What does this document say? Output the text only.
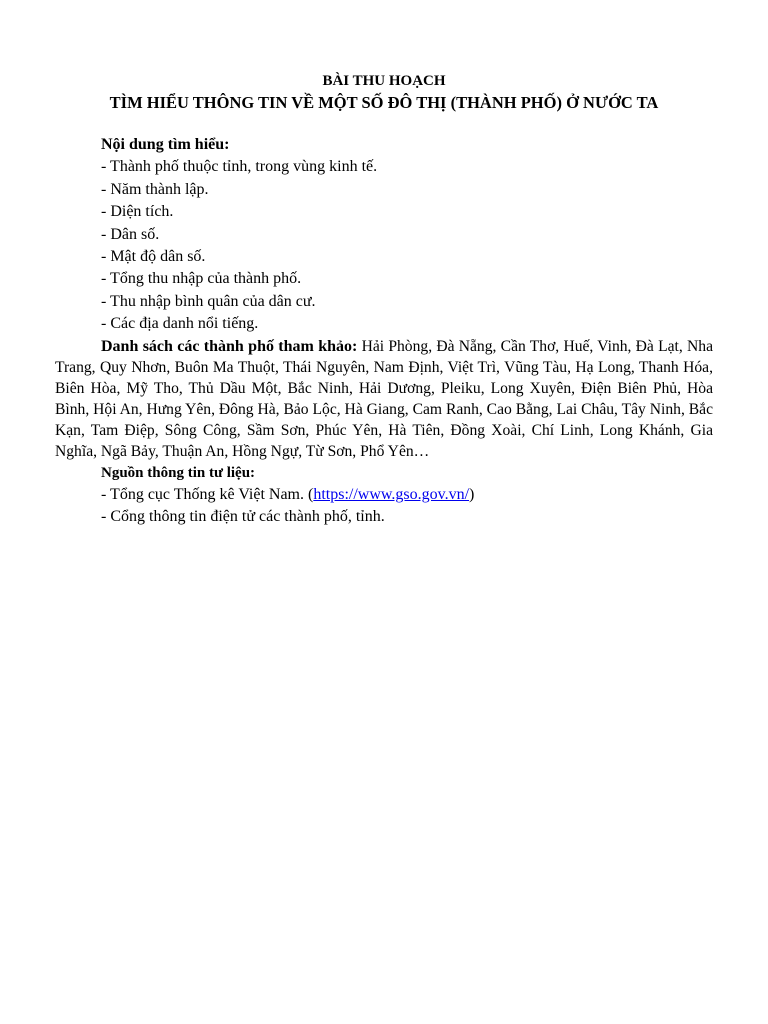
BÀI THU HOẠCH

TÌM HIỂU THÔNG TIN VỀ MỘT SỐ ĐÔ THỊ (THÀNH PHỐ) Ở NƯỚC TA

Nội dung tìm hiểu:

- Thành phố thuộc tỉnh, trong vùng kinh tế.

- Năm thành lập.

- Diện tích.

- Dân số.

- Mật độ dân số.

- Tổng thu nhập của thành phố.

- Thu nhập bình quân của dân cư.

- Các địa danh nổi tiếng.

Danh sách các thành phố tham khảo: Hải Phòng, Đà Nẵng, Cần Thơ, Huế, Vinh, Đà Lạt, Nha Trang, Quy Nhơn, Buôn Ma Thuột, Thái Nguyên, Nam Định, Việt Trì, Vũng Tàu, Hạ Long, Thanh Hóa, Biên Hòa, Mỹ Tho, Thủ Dầu Một, Bắc Ninh, Hải Dương, Pleiku, Long Xuyên, Điện Biên Phủ, Hòa Bình, Hội An, Hưng Yên, Đông Hà, Bảo Lộc, Hà Giang, Cam Ranh, Cao Bằng, Lai Châu, Tây Ninh, Bắc Kạn, Tam Điệp, Sông Công, Sầm Sơn, Phúc Yên, Hà Tiên, Đồng Xoài, Chí Linh, Long Khánh, Gia Nghĩa, Ngã Bảy, Thuận An, Hồng Ngự, Từ Sơn, Phổ Yên…

Nguồn thông tin tư liệu:

- Tổng cục Thống kê Việt Nam. (https://www.gso.gov.vn/)

- Cổng thông tin điện tử các thành phố, tỉnh.
